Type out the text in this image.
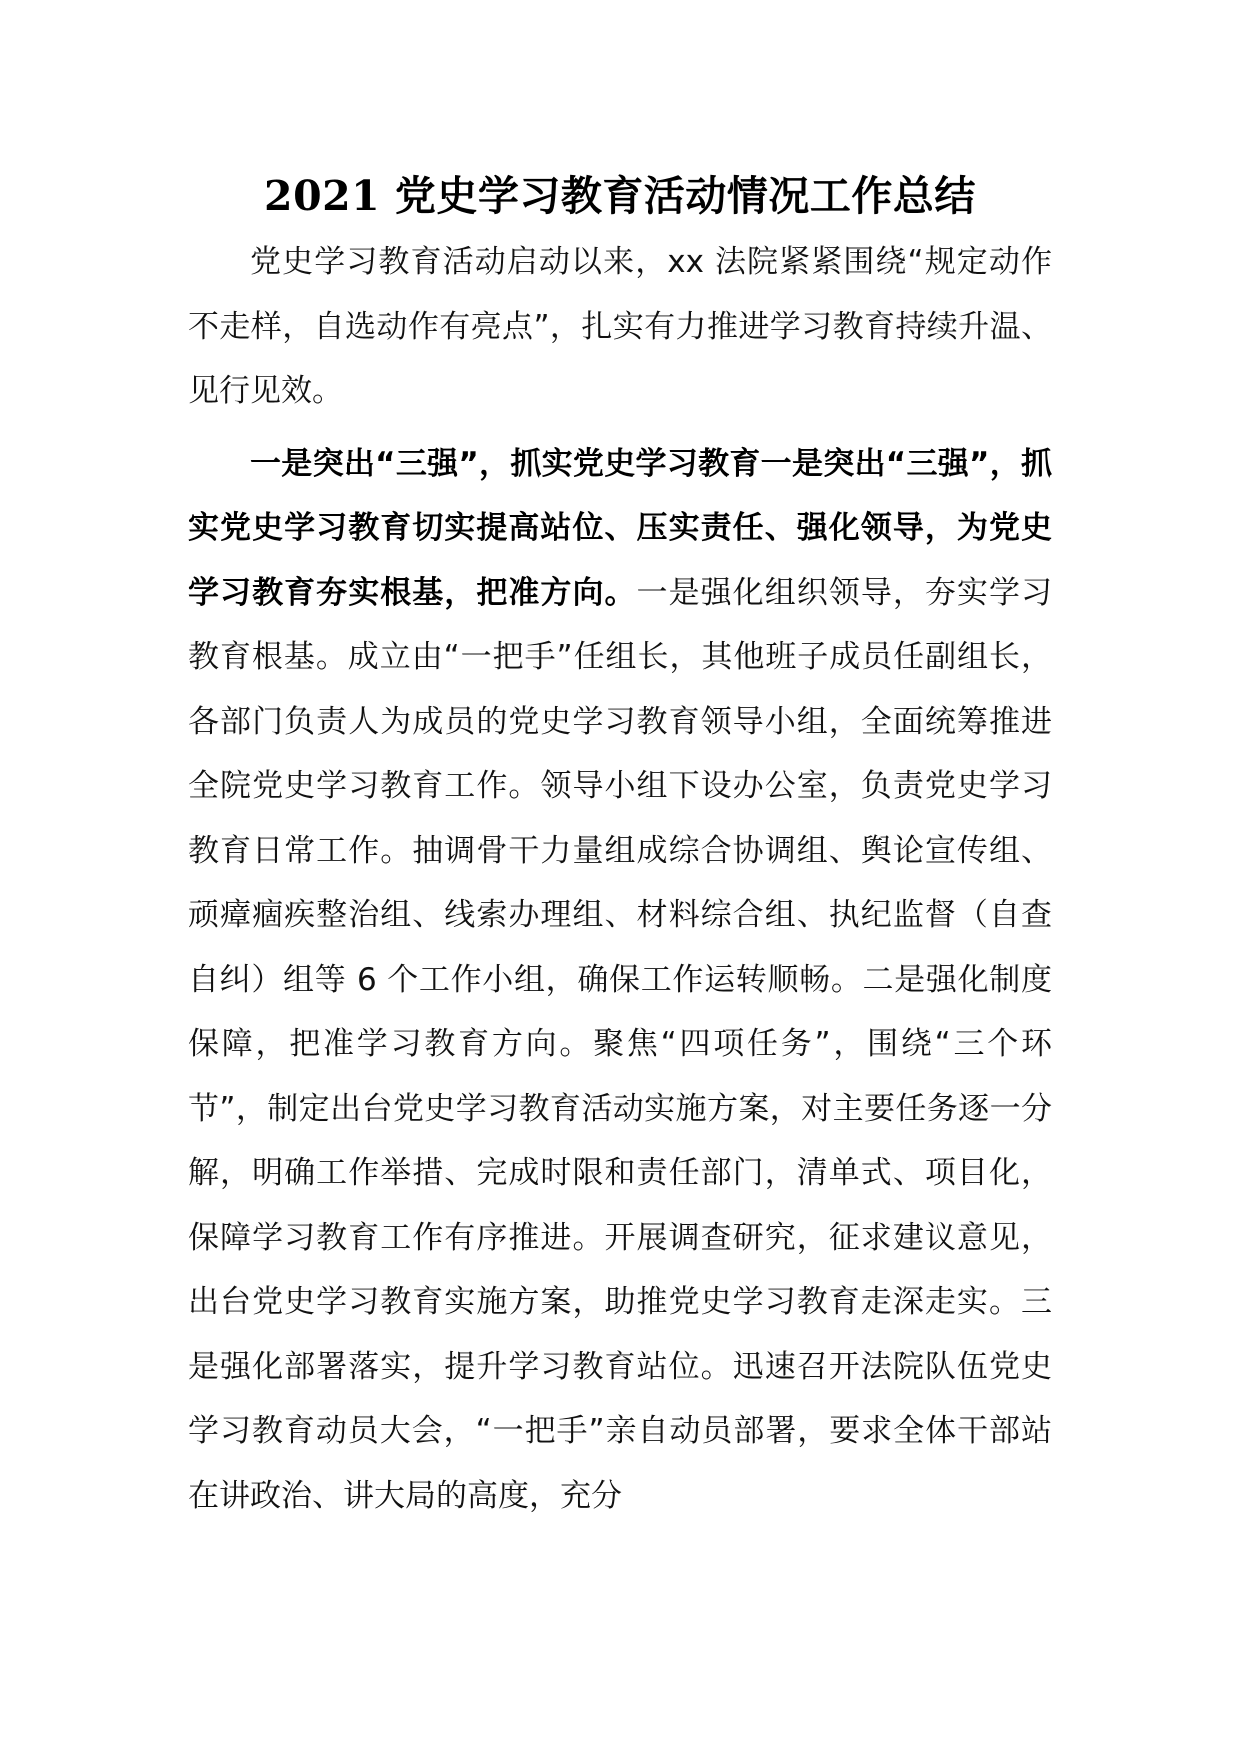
2021 党史学习教育活动情况工作总结

党史学习教育活动启动以来，xx 法院紧紧围绕“规定动作不走样，自选动作有亮点”，扎实有力推进学习教育持续升温、见行见效。

一是突出“三强”，抓实党史学习教育一是突出“三强”，抓实党史学习教育切实提高站位、压实责任、强化领导，为党史学习教育夯实根基，把准方向。一是强化组织领导，夯实学习教育根基。成立由“一把手”任组长，其他班子成员任副组长，各部门负责人为成员的党史学习教育领导小组，全面统筹推进全院党史学习教育工作。领导小组下设办公室，负责党史学习教育日常工作。抽调骨干力量组成综合协调组、舆论宣传组、顽瘴痼疾整治组、线索办理组、材料综合组、执纪监督（自查自纠）组等 6 个工作小组，确保工作运转顺畅。二是强化制度保障，把准学习教育方向。聚焦“四项任务”，围绕“三个环节”，制定出台党史学习教育活动实施方案，对主要任务逐一分解，明确工作举措、完成时限和责任部门，清单式、项目化，保障学习教育工作有序推进。开展调查研究，征求建议意见，出台党史学习教育实施方案，助推党史学习教育走深走实。三是强化部署落实，提升学习教育站位。迅速召开法院队伍党史学习教育动员大会，“一把手”亲自动员部署，要求全体干部站在讲政治、讲大局的高度，充分
